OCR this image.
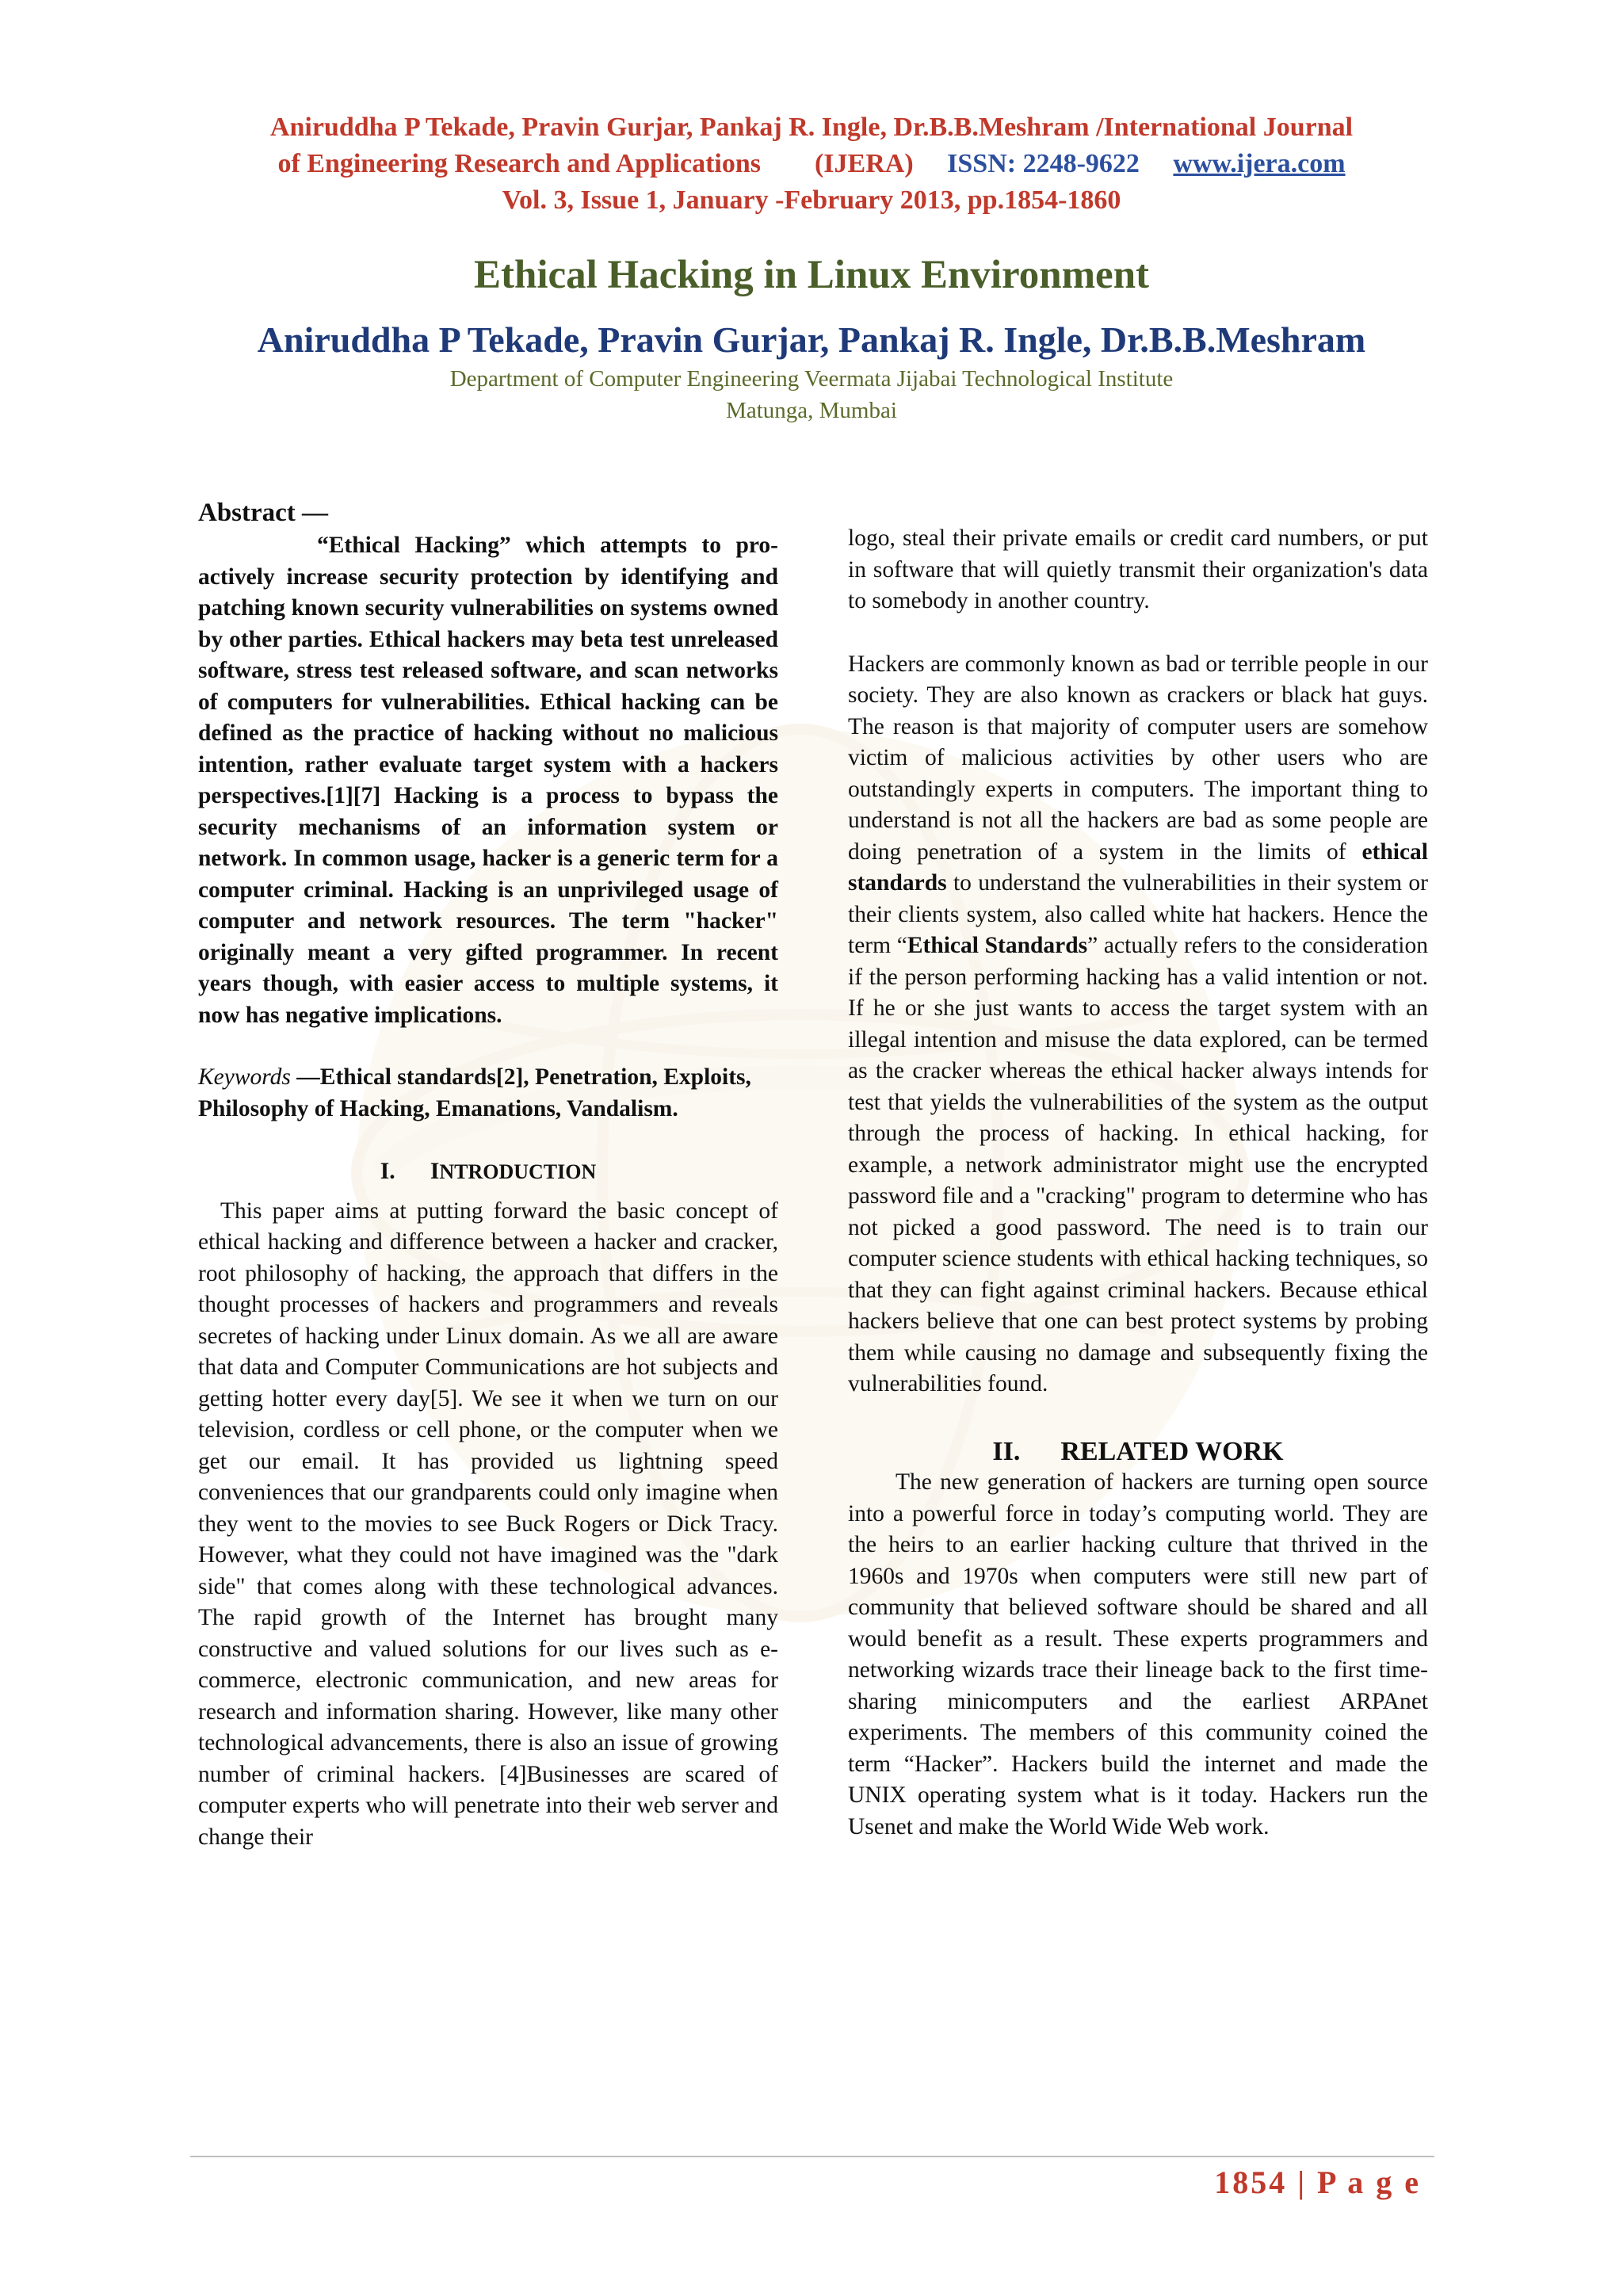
Aniruddha P Tekade, Pravin Gurjar, Pankaj R. Ingle, Dr.B.B.Meshram /International Journal
of Engineering Research and Applications (IJERA) ISSN: 2248-9622 www.ijera.com
Vol. 3, Issue 1, January -February 2013, pp.1854-1860
Ethical Hacking in Linux Environment
Aniruddha P Tekade, Pravin Gurjar, Pankaj R. Ingle, Dr.B.B.Meshram
Department of Computer Engineering Veermata Jijabai Technological Institute
Matunga, Mumbai
Abstract —

“Ethical Hacking” which attempts to pro-actively increase security protection by identifying and patching known security vulnerabilities on systems owned by other parties. Ethical hackers may beta test unreleased software, stress test released software, and scan networks of computers for vulnerabilities. Ethical hacking can be defined as the practice of hacking without no malicious intention, rather evaluate target system with a hackers perspectives.[1][7] Hacking is a process to bypass the security mechanisms of an information system or network. In common usage, hacker is a generic term for a computer criminal. Hacking is an unprivileged usage of computer and network resources. The term "hacker" originally meant a very gifted programmer. In recent years though, with easier access to multiple systems, it now has negative implications.

Keywords —Ethical standards[2], Penetration, Exploits, Philosophy of Hacking, Emanations, Vandalism.

I. INTRODUCTION

This paper aims at putting forward the basic concept of ethical hacking and difference between a hacker and cracker, root philosophy of hacking, the approach that differs in the thought processes of hackers and programmers and reveals secretes of hacking under Linux domain. As we all are aware that data and Computer Communications are hot subjects and getting hotter every day[5]. We see it when we turn on our television, cordless or cell phone, or the computer when we get our email. It has provided us lightning speed conveniences that our grandparents could only imagine when they went to the movies to see Buck Rogers or Dick Tracy. However, what they could not have imagined was the "dark side" that comes along with these technological advances. The rapid growth of the Internet has brought many constructive and valued solutions for our lives such as e-commerce, electronic communication, and new areas for research and information sharing. However, like many other technological advancements, there is also an issue of growing number of criminal hackers. [4]Businesses are scared of computer experts who will penetrate into their web server and change their

logo, steal their private emails or credit card numbers, or put in software that will quietly transmit their organization's data to somebody in another country.

Hackers are commonly known as bad or terrible people in our society. They are also known as crackers or black hat guys. The reason is that majority of computer users are somehow victim of malicious activities by other users who are outstandingly experts in computers. The important thing to understand is not all the hackers are bad as some people are doing penetration of a system in the limits of ethical standards to understand the vulnerabilities in their system or their clients system, also called white hat hackers. Hence the term “Ethical Standards” actually refers to the consideration if the person performing hacking has a valid intention or not. If he or she just wants to access the target system with an illegal intention and misuse the data explored, can be termed as the cracker whereas the ethical hacker always intends for test that yields the vulnerabilities of the system as the output through the process of hacking. In ethical hacking, for example, a network administrator might use the encrypted password file and a "cracking" program to determine who has not picked a good password. The need is to train our computer science students with ethical hacking techniques, so that they can fight against criminal hackers. Because ethical hackers believe that one can best protect systems by probing them while causing no damage and subsequently fixing the vulnerabilities found.

II. RELATED WORK

The new generation of hackers are turning open source into a powerful force in today’s computing world. They are the heirs to an earlier hacking culture that thrived in the 1960s and 1970s when computers were still new part of community that believed software should be shared and all would benefit as a result. These experts programmers and networking wizards trace their lineage back to the first time-sharing minicomputers and the earliest ARPAnet experiments. The members of this community coined the term “Hacker”. Hackers build the internet and made the UNIX operating system what is it today. Hackers run the Usenet and make the World Wide Web work.

1854 | P a g e
